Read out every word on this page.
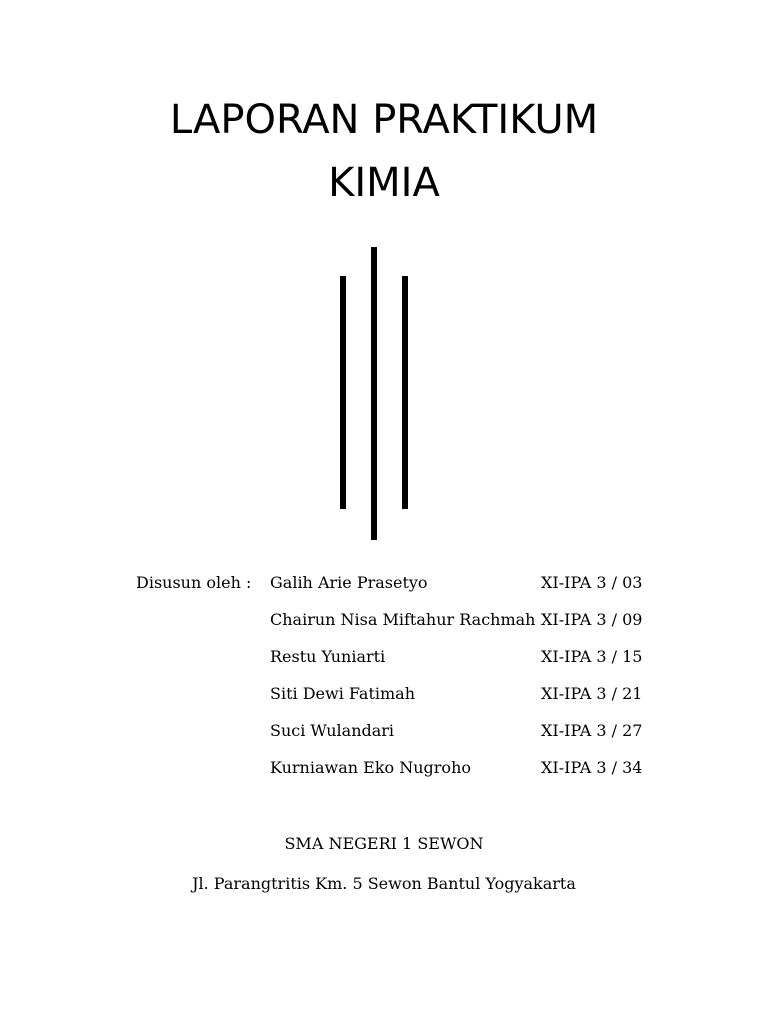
LAPORAN PRAKTIKUM
KIMIA
Disusun oleh : Galih Arie Prasetyo	XI-IPA 3 / 03
Chairun Nisa Miftahur Rachmah XI-IPA 3 / 09
Restu Yuniarti	XI-IPA 3 / 15
Siti Dewi Fatimah	XI-IPA 3 / 21
Suci Wulandari	XI-IPA 3 / 27
Kurniawan Eko Nugroho	XI-IPA 3 / 34
SMA NEGERI 1 SEWON
Jl. Parangtritis Km. 5 Sewon Bantul Yogyakarta
